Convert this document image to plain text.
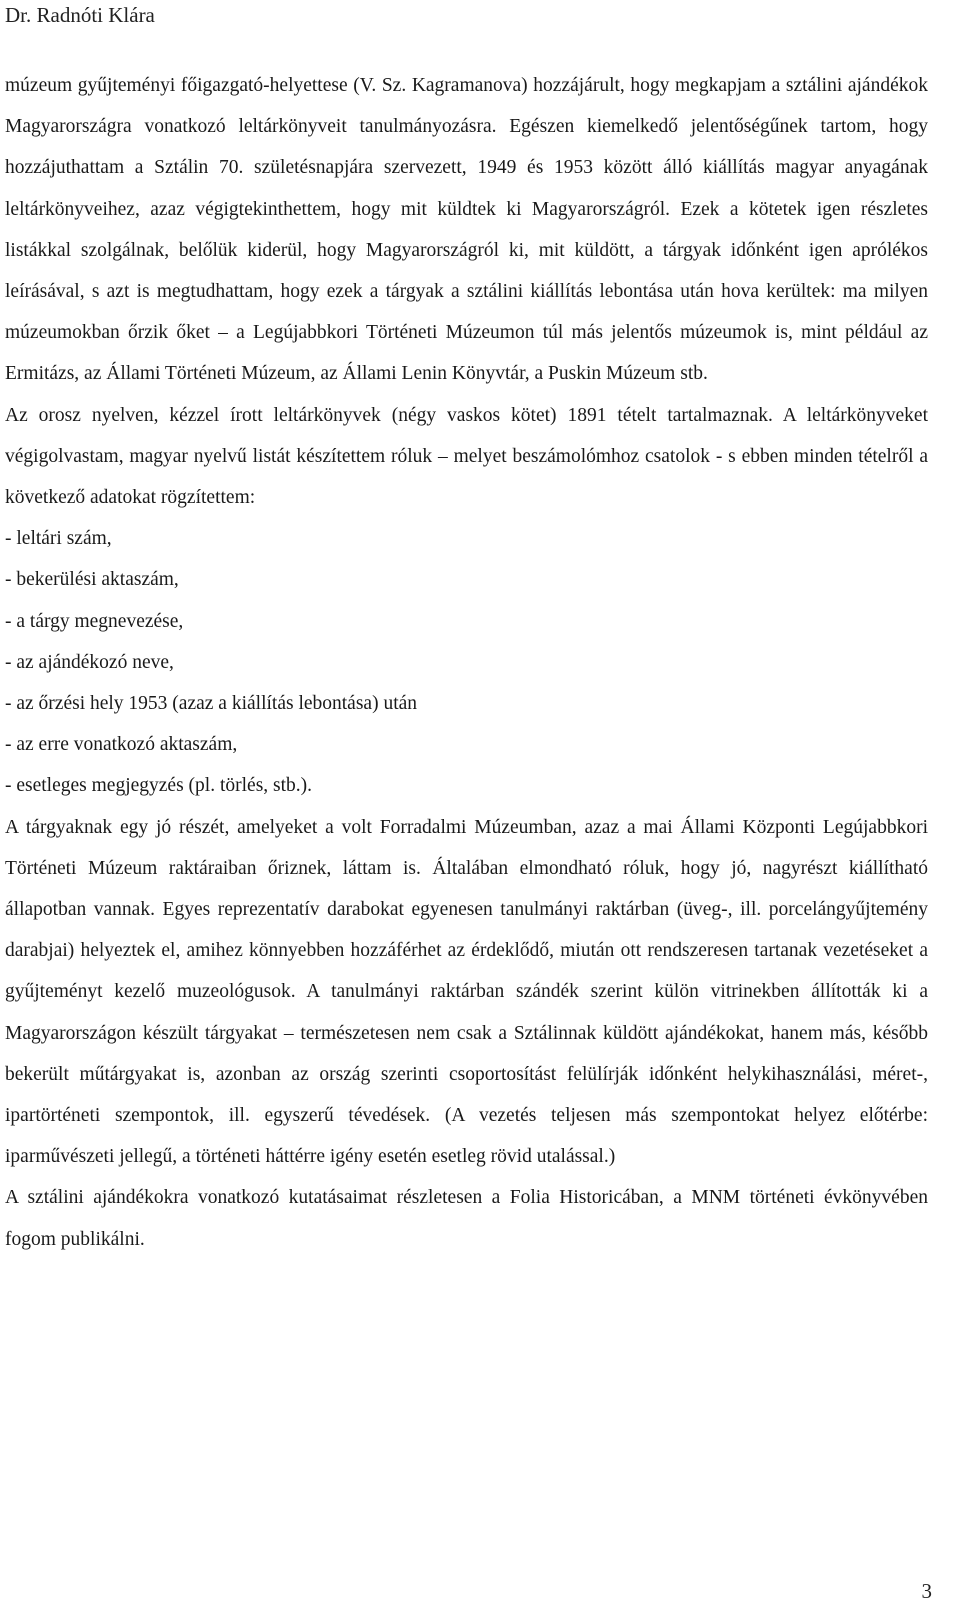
Dr. Radnóti Klára

múzeum gyűjteményi főigazgató-helyettese (V. Sz. Kagramanova) hozzájárult, hogy megkapjam a sztálini ajándékok Magyarországra vonatkozó leltárkönyveit tanulmányozásra. Egészen kiemelkedő jelentőségűnek tartom, hogy hozzájuthattam a Sztálin 70. születésnapjára szervezett, 1949 és 1953 között álló kiállítás magyar anyagának leltárkönyveihez, azaz végigtekinthettem, hogy mit küldtek ki Magyarországról. Ezek a kötetek igen részletes listákkal szolgálnak, belőlük kiderül, hogy Magyarországról ki, mit küldött, a tárgyak időnként igen aprólékos leírásával, s azt is megtudhattam, hogy ezek a tárgyak a sztálini kiállítás lebontása után hova kerültek: ma milyen múzeumokban őrzik őket – a Legújabbkori Történeti Múzeumon túl más jelentős múzeumok is, mint például az Ermitázs, az Állami Történeti Múzeum, az Állami Lenin Könyvtár, a Puskin Múzeum stb.

Az orosz nyelven, kézzel írott leltárkönyvek (négy vaskos kötet) 1891 tételt tartalmaznak. A leltárkönyveket végigolvastam, magyar nyelvű listát készítettem róluk – melyet beszámolómhoz csatolok - s ebben minden tételről a következő adatokat rögzítettem:

- leltári szám,
- bekerülési aktaszám,
- a tárgy megnevezése,
- az ajándékozó neve,
- az őrzési hely 1953 (azaz a kiállítás lebontása) után
- az erre vonatkozó aktaszám,
- esetleges megjegyzés (pl. törlés, stb.).

A tárgyaknak egy jó részét, amelyeket a volt Forradalmi Múzeumban, azaz a mai Állami Központi Legújabbkori Történeti Múzeum raktáraiban őriznek, láttam is. Általában elmondható róluk, hogy jó, nagyrészt kiállítható állapotban vannak. Egyes reprezentatív darabokat egyenesen tanulmányi raktárban (üveg-, ill. porcelángyűjtemény darabjai) helyeztek el, amihez könnyebben hozzáférhet az érdeklődő, miután ott rendszeresen tartanak vezetéseket a gyűjteményt kezelő muzeológusok. A tanulmányi raktárban szándék szerint külön vitrinekben állították ki a Magyarországon készült tárgyakat – természetesen nem csak a Sztálinnak küldött ajándékokat, hanem más, később bekerült műtárgyakat is, azonban az ország szerinti csoportosítást felülírják időnként helykihasználási, méret-, ipartörténeti szempontok, ill. egyszerű tévedések. (A vezetés teljesen más szempontokat helyez előtérbe: iparművészeti jellegű, a történeti háttérre igény esetén esetleg rövid utalással.)

A sztálini ajándékokra vonatkozó kutatásaimat részletesen a Folia Historicában, a MNM történeti évkönyvében fogom publikálni.

3
